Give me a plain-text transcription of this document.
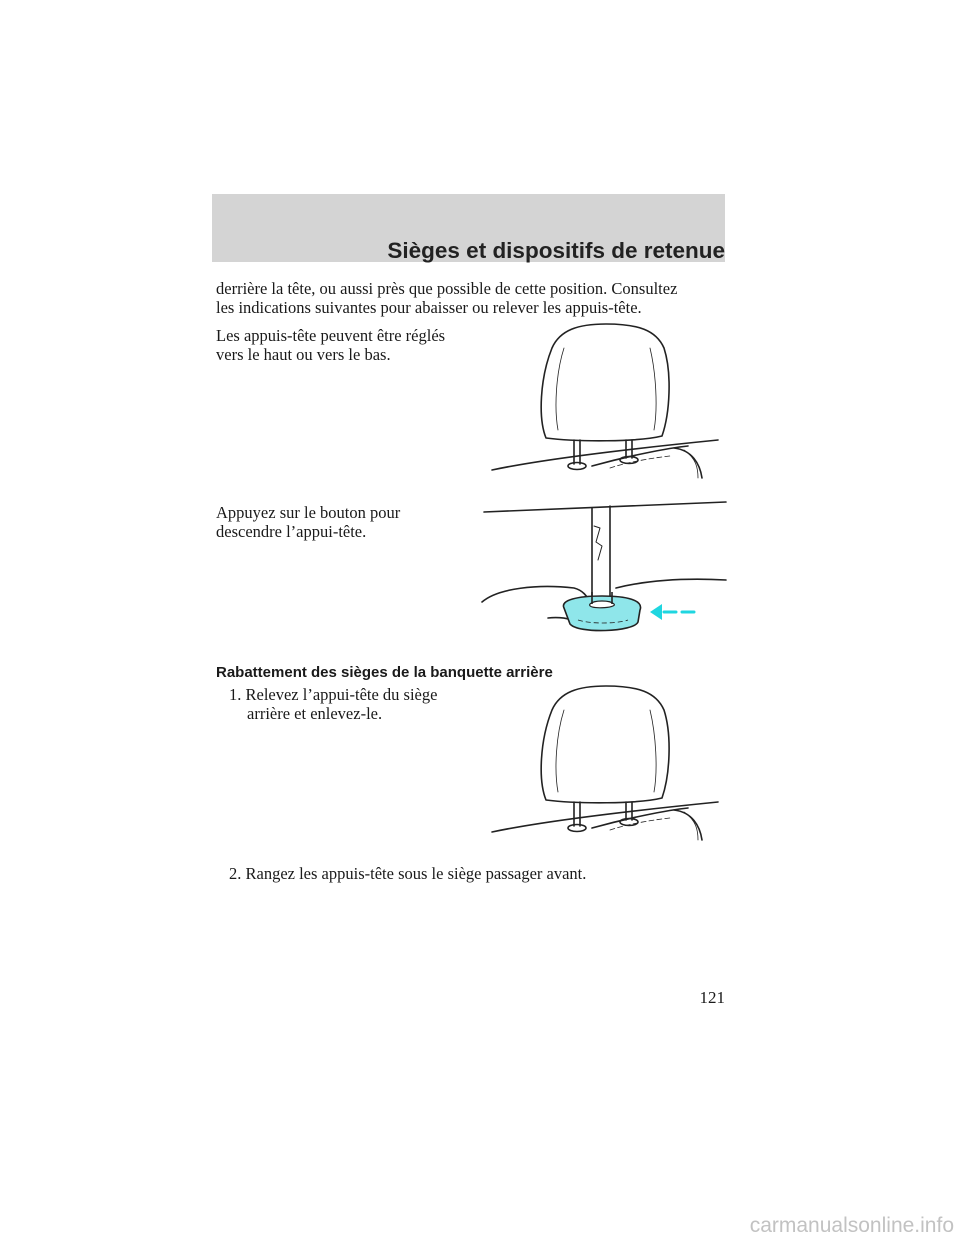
Sièges et dispositifs de retenue
derrière la tête, ou aussi près que possible de cette position. Consultez
les indications suivantes pour abaisser ou relever les appuis-tête.
Les appuis-tête peuvent être réglés
vers le haut ou vers le bas.
Appuyez sur le bouton pour
descendre l’appui-tête.
Rabattement des sièges de la banquette arrière
1. Relevez l’appui-tête du siège
arrière et enlevez-le.
2. Rangez les appuis-tête sous le siège passager avant.
121
carmanualsonline.info
